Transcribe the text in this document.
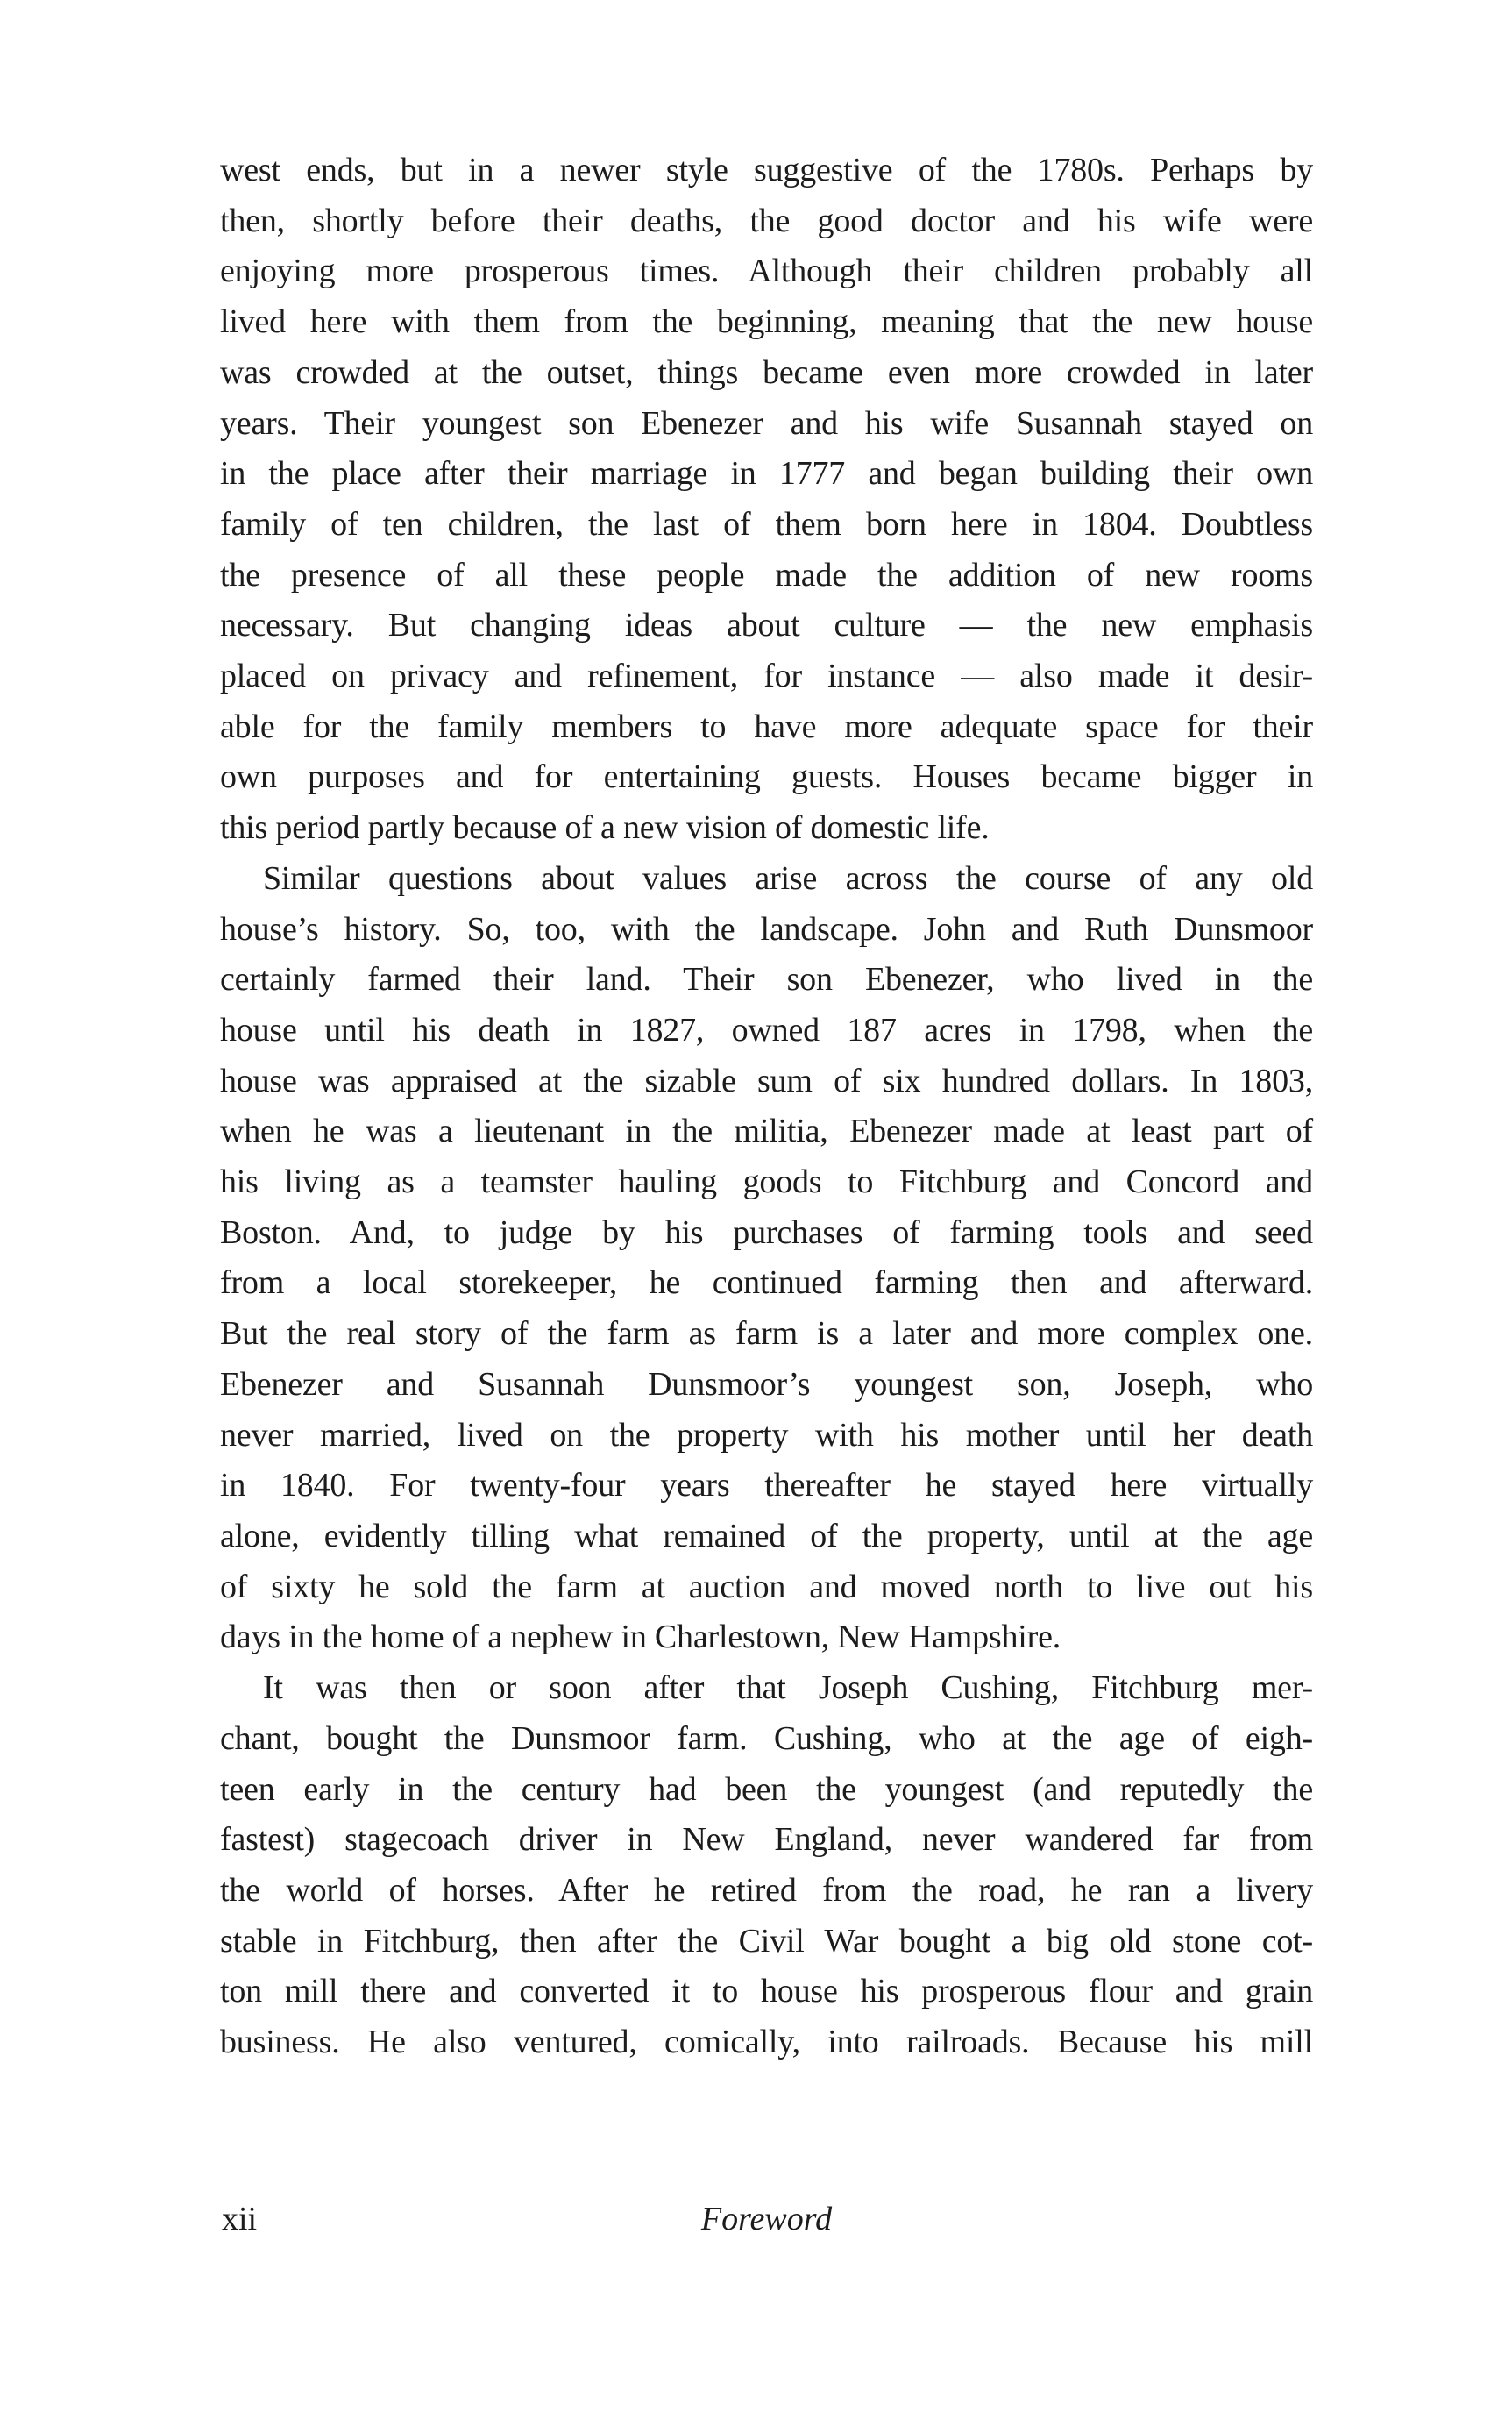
west ends, but in a newer style suggestive of the 1780s. Perhaps by
then, shortly before their deaths, the good doctor and his wife were
enjoying more prosperous times. Although their children probably all
lived here with them from the beginning, meaning that the new house
was crowded at the outset, things became even more crowded in later
years. Their youngest son Ebenezer and his wife Susannah stayed on
in the place after their marriage in 1777 and began building their own
family of ten children, the last of them born here in 1804. Doubtless
the presence of all these people made the addition of new rooms
necessary. But changing ideas about culture — the new emphasis
placed on privacy and refinement, for instance — also made it desir-
able for the family members to have more adequate space for their
own purposes and for entertaining guests. Houses became bigger in
this period partly because of a new vision of domestic life.
Similar questions about values arise across the course of any old
house’s history. So, too, with the landscape. John and Ruth Dunsmoor
certainly farmed their land. Their son Ebenezer, who lived in the
house until his death in 1827, owned 187 acres in 1798, when the
house was appraised at the sizable sum of six hundred dollars. In 1803,
when he was a lieutenant in the militia, Ebenezer made at least part of
his living as a teamster hauling goods to Fitchburg and Concord and
Boston. And, to judge by his purchases of farming tools and seed
from a local storekeeper, he continued farming then and afterward.
But the real story of the farm as farm is a later and more complex one.
Ebenezer and Susannah Dunsmoor’s youngest son, Joseph, who
never married, lived on the property with his mother until her death
in 1840. For twenty-four years thereafter he stayed here virtually
alone, evidently tilling what remained of the property, until at the age
of sixty he sold the farm at auction and moved north to live out his
days in the home of a nephew in Charlestown, New Hampshire.
It was then or soon after that Joseph Cushing, Fitchburg mer-
chant, bought the Dunsmoor farm. Cushing, who at the age of eigh-
teen early in the century had been the youngest (and reputedly the
fastest) stagecoach driver in New England, never wandered far from
the world of horses. After he retired from the road, he ran a livery
stable in Fitchburg, then after the Civil War bought a big old stone cot-
ton mill there and converted it to house his prosperous flour and grain
business. He also ventured, comically, into railroads. Because his mill
xii	Foreword
